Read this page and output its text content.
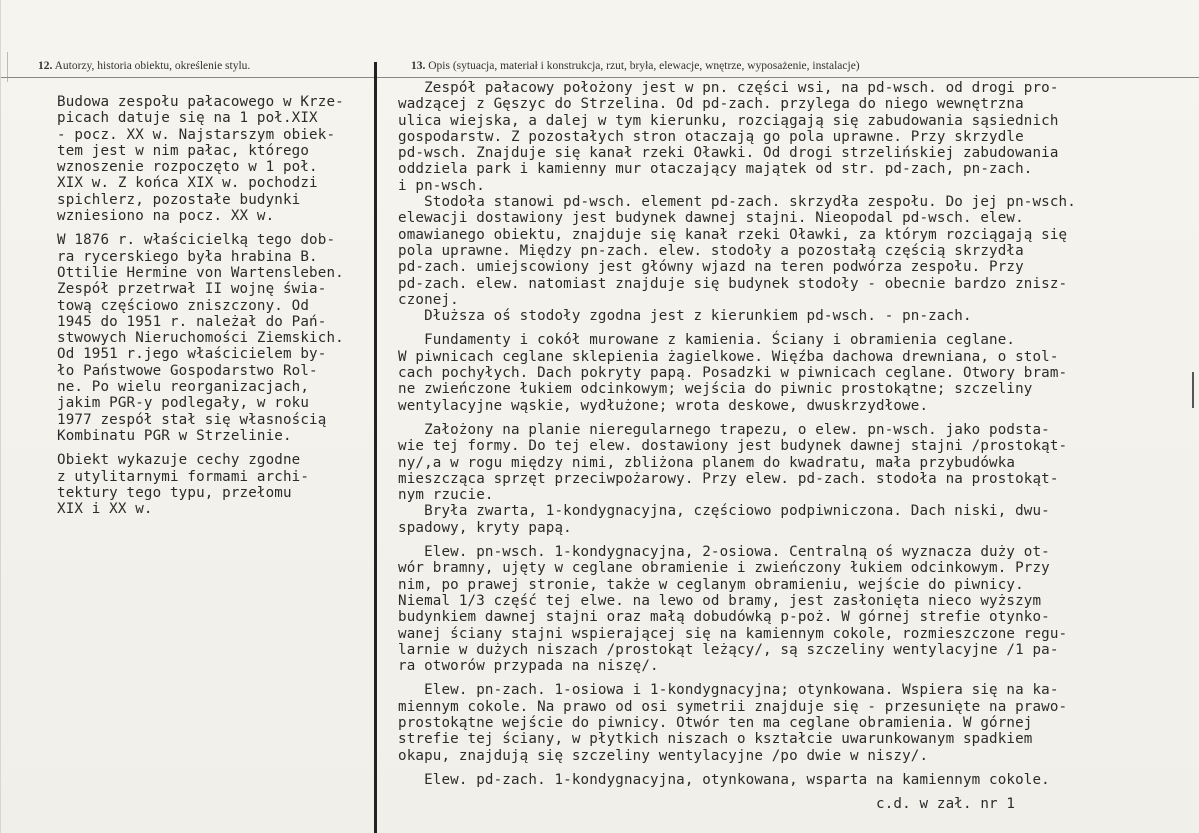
12. Autorzy, historia obiektu, określenie stylu.	13. Opis (sytuacja, materiał i konstrukcja, rzut, bryła, elewacje, wnętrze, wyposażenie, instalacje)
Budowa zespołu pałacowego w Krze-
picach datuje się na 1 poł.XIX
- pocz. XX w. Najstarszym obiek-
tem jest w nim pałac, którego
wznoszenie rozpoczęto w 1 poł.
XIX w. Z końca XIX w. pochodzi
spichlerz, pozostałe budynki
wzniesiono na pocz. XX w.
W 1876 r. właścicielką tego dob-
ra rycerskiego była hrabina B.
Ottilie Hermine von Wartensleben.
Zespół przetrwał II wojnę świa-
tową częściowo zniszczony. Od
1945 do 1951 r. należał do Pań-
stwowych Nieruchomości Ziemskich.
Od 1951 r.jego właścicielem by-
ło Państwowe Gospodarstwo Rol-
ne. Po wielu reorganizacjach,
jakim PGR-y podlegały, w roku
1977 zespół stał się własnością
Kombinatu PGR w Strzelinie.
Obiekt wykazuje cechy zgodne
z utylitarnymi formami archi-
tektury tego typu, przełomu
XIX i XX w.
Zespół pałacowy położony jest w pn. części wsi, na pd-wsch. od drogi pro-
wadzącej z Gęszyc do Strzelina. Od pd-zach. przylega do niego wewnętrzna
ulica wiejska, a dalej w tym kierunku, rozciągają się zabudowania sąsiednich
gospodarstw. Z pozostałych stron otaczają go pola uprawne. Przy skrzydle
pd-wsch. Znajduje się kanał rzeki Oławki. Od drogi strzelińskiej zabudowania
oddziela park i kamienny mur otaczający majątek od str. pd-zach, pn-zach.
i pn-wsch.
Stodoła stanowi pd-wsch. element pd-zach. skrzydła zespołu. Do jej pn-wsch.
elewacji dostawiony jest budynek dawnej stajni. Nieopodal pd-wsch. elew.
omawianego obiektu, znajduje się kanał rzeki Oławki, za którym rozciągają się
pola uprawne. Między pn-zach. elew. stodoły a pozostałą częścią skrzydła
pd-zach. umiejscowiony jest główny wjazd na teren podwórza zespołu. Przy
pd-zach. elew. natomiast znajduje się budynek stodoły - obecnie bardzo znisz-
czonej.
Dłuższa oś stodoły zgodna jest z kierunkiem pd-wsch. - pn-zach.
Fundamenty i cokół murowane z kamienia. Ściany i obramienia ceglane.
W piwnicach ceglane sklepienia żagielkowe. Więźba dachowa drewniana, o stol-
cach pochyłych. Dach pokryty papą. Posadzki w piwnicach ceglane. Otwory bram-
ne zwieńczone łukiem odcinkowym; wejścia do piwnic prostokątne; szczeliny
wentylacyjne wąskie, wydłużone; wrota deskowe, dwuskrzydłowe.
Założony na planie nieregularnego trapezu, o elew. pn-wsch. jako podsta-
wie tej formy. Do tej elew. dostawiony jest budynek dawnej stajni /prostokąt-
ny/,a w rogu między nimi, zbliżona planem do kwadratu, mała przybudówka
mieszcząca sprzęt przeciwpożarowy. Przy elew. pd-zach. stodoła na prostokąt-
nym rzucie.
Bryła zwarta, 1-kondygnacyjna, częściowo podpiwniczona. Dach niski, dwu-
spadowy, kryty papą.
Elew. pn-wsch. 1-kondygnacyjna, 2-osiowa. Centralną oś wyznacza duży ot-
wór bramny, ujęty w ceglane obramienie i zwieńczony łukiem odcinkowym. Przy
nim, po prawej stronie, także w ceglanym obramieniu, wejście do piwnicy.
Niemal 1/3 część tej elwe. na lewo od bramy, jest zasłonięta nieco wyższym
budynkiem dawnej stajni oraz małą dobudówką p-poż. W górnej strefie otynko-
wanej ściany stajni wspierającej się na kamiennym cokole, rozmieszczone regu-
larnie w dużych niszach /prostokąt leżący/, są szczeliny wentylacyjne /1 pa-
ra otworów przypada na niszę/.
Elew. pn-zach. 1-osiowa i 1-kondygnacyjna; otynkowana. Wspiera się na ka-
miennym cokole. Na prawo od osi symetrii znajduje się - przesunięte na prawo-
prostokątne wejście do piwnicy. Otwór ten ma ceglane obramienia. W górnej
strefie tej ściany, w płytkich niszach o kształcie uwarunkowanym spadkiem
okapu, znajdują się szczeliny wentylacyjne /po dwie w niszy/.
Elew. pd-zach. 1-kondygnacyjna, otynkowana, wsparta na kamiennym cokole.
c.d. w zał. nr 1
